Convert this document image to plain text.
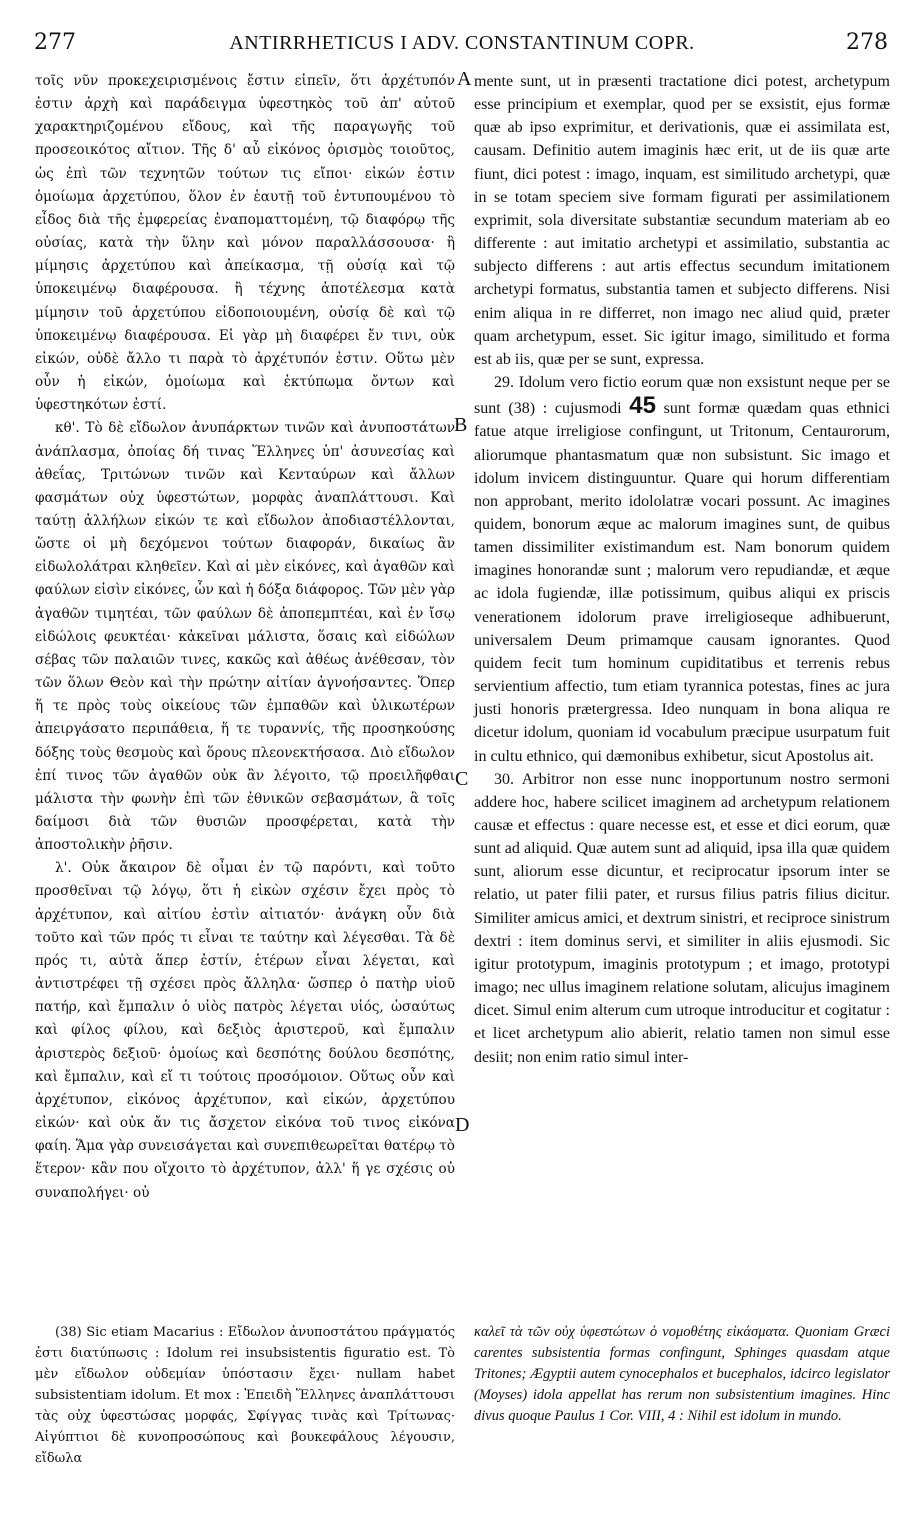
277	ANTIRRHETICUS I ADV. CONSTANTINUM COPR.	278

τοῖς νῦν προκεχειρισμένοις ἔστιν εἰπεῖν, ὅτι ἀρχέτυπόν ἐστιν ἀρχὴ καὶ παράδειγμα ὑφεστηκὸς τοῦ ἀπ' αὐτοῦ χαρακτηριζομένου εἴδους, καὶ τῆς παραγωγῆς τοῦ προσεοικότος αἴτιον. Τῆς δ' αὖ εἰκόνος ὁρισμὸς τοιοῦτος, ὡς ἐπὶ τῶν τεχνητῶν τούτων τις εἴποι· εἰκών ἐστιν ὁμοίωμα ἀρχετύπου, ὅλον ἐν ἑαυτῇ τοῦ ἐντυπουμένου τὸ εἶδος διὰ τῆς ἐμφερείας ἐναποματτομένη, τῷ διαφόρῳ τῆς οὐσίας, κατὰ τὴν ὕλην καὶ μόνον παραλλάσσουσα· ἢ μίμησις ἀρχετύπου καὶ ἀπείκασμα, τῇ οὐσίᾳ καὶ τῷ ὑποκειμένῳ διαφέρουσα. ἢ τέχνης ἀποτέλεσμα κατὰ μίμησιν τοῦ ἀρχετύπου εἰδοποιουμένη, οὐσίᾳ δὲ καὶ τῷ ὑποκειμένῳ διαφέρουσα. Εἰ γὰρ μὴ διαφέρει ἔν τινι, οὐκ εἰκών, οὐδὲ ἄλλο τι παρὰ τὸ ἀρχέτυπόν ἐστιν. Οὕτω μὲν οὖν ἡ εἰκών, ὁμοίωμα καὶ ἐκτύπωμα ὄντων καὶ ὑφεστηκότων ἐστί.

κθ'. Τὸ δὲ εἴδωλον ἀνυπάρκτων τινῶν καὶ ἀνυποστάτων ἀνάπλασμα, ὁποίας δή τινας Ἕλληνες ὑπ' ἀσυνεσίας καὶ ἀθεΐας, Τριτώνων τινῶν καὶ Κενταύρων καὶ ἄλλων φασμάτων οὐχ ὑφεστώτων, μορφὰς ἀναπλάττουσι. Καὶ ταύτῃ ἀλλήλων εἰκών τε καὶ εἴδωλον ἀποδιαστέλλονται, ὥστε οἱ μὴ δεχόμενοι τούτων διαφοράν, δικαίως ἂν εἰδωλολάτραι κληθεῖεν. Καὶ αἱ μὲν εἰκόνες, καὶ ἀγαθῶν καὶ φαύλων εἰσὶν εἰκόνες, ὧν καὶ ἡ δόξα διάφορος. Τῶν μὲν γὰρ ἀγαθῶν τιμητέαι, τῶν φαύλων δὲ ἀποπεμπτέαι, καὶ ἐν ἴσῳ εἰδώλοις φευκτέαι· κἀκεῖναι μάλιστα, ὅσαις καὶ εἰδώλων σέβας τῶν παλαιῶν τινες, κακῶς καὶ ἀθέως ἀνέθεσαν, τὸν τῶν ὅλων Θεὸν καὶ τὴν πρώτην αἰτίαν ἀγνοήσαντες. Ὅπερ ἥ τε πρὸς τοὺς οἰκείους τῶν ἐμπαθῶν καὶ ὑλικωτέρων ἀπειργάσατο περιπάθεια, ἥ τε τυραννίς, τῆς προσηκούσης δόξης τοὺς θεσμοὺς καὶ ὅρους πλεονεκτήσασα. Διὸ εἴδωλον ἐπί τινος τῶν ἀγαθῶν οὐκ ἂν λέγοιτο, τῷ προειλῆφθαι μάλιστα τὴν φωνὴν ἐπὶ τῶν ἐθνικῶν σεβασμάτων, ἃ τοῖς δαίμοσι διὰ τῶν θυσιῶν προσφέρεται, κατὰ τὴν ἀποστολικὴν ῥῆσιν.

λ'. Οὐκ ἄκαιρον δὲ οἶμαι ἐν τῷ παρόντι, καὶ τοῦτο προσθεῖναι τῷ λόγῳ, ὅτι ἡ εἰκὼν σχέσιν ἔχει πρὸς τὸ ἀρχέτυπον, καὶ αἰτίου ἐστὶν αἰτιατόν· ἀνάγκη οὖν διὰ τοῦτο καὶ τῶν πρός τι εἶναι τε ταύτην καὶ λέγεσθαι. Τὰ δὲ πρός τι, αὐτὰ ἅπερ ἐστίν, ἑτέρων εἶναι λέγεται, καὶ ἀντιστρέφει τῇ σχέσει πρὸς ἄλληλα· ὥσπερ ὁ πατὴρ υἱοῦ πατήρ, καὶ ἔμπαλιν ὁ υἱὸς πατρὸς λέγεται υἱός, ὡσαύτως καὶ φίλος φίλου, καὶ δεξιὸς ἀριστεροῦ, καὶ ἔμπαλιν ἀριστερὸς δεξιοῦ· ὁμοίως καὶ δεσπότης δούλου δεσπότης, καὶ ἔμπαλιν, καὶ εἴ τι τούτοις προσόμοιον. Οὕτως οὖν καὶ ἀρχέτυπον, εἰκόνος ἀρχέτυπον, καὶ εἰκών, ἀρχετύπου εἰκών· καὶ οὐκ ἄν τις ἄσχετον εἰκόνα τοῦ τινος εἰκόνα φαίη. Ἅμα γὰρ συνεισάγεται καὶ συνεπιθεωρεῖται θατέρῳ τὸ ἕτερον· κἂν που οἴχοιτο τὸ ἀρχέτυπον, ἀλλ' ἥ γε σχέσις οὐ συναπολήγει· οὐ

A
B
C
D

mente sunt, ut in præsenti tractatione dici potest, archetypum esse principium et exemplar, quod per se exsistit, ejus formæ quæ ab ipso exprimitur, et derivationis, quæ ei assimilata est, causam. Definitio autem imaginis hæc erit, ut de iis quæ arte fiunt, dici potest : imago, inquam, est similitudo archetypi, quæ in se totam speciem sive formam figurati per assimilationem exprimit, sola diversitate substantiæ secundum materiam ab eo differente : aut imitatio archetypi et assimilatio, substantia ac subjecto differens : aut artis effectus secundum imitationem archetypi formatus, substantia tamen et subjecto differens. Nisi enim aliqua in re differret, non imago nec aliud quid, præter quam archetypum, esset. Sic igitur imago, similitudo et forma est ab iis, quæ per se sunt, expressa.

29. Idolum vero fictio eorum quæ non exsistunt neque per se sunt (38) : cujusmodi 45 sunt formæ quædam quas ethnici fatue atque irreligiose confingunt, ut Tritonum, Centaurorum, aliorumque phantasmatum quæ non subsistunt. Sic imago et idolum invicem distinguuntur. Quare qui horum differentiam non approbant, merito idololatræ vocari possunt. Ac imagines quidem, bonorum æque ac malorum imagines sunt, de quibus tamen dissimiliter existimandum est. Nam bonorum quidem imagines honorandæ sunt ; malorum vero repudiandæ, et æque ac idola fugiendæ, illæ potissimum, quibus aliqui ex priscis venerationem idolorum prave irreligioseque adhibuerunt, universalem Deum primamque causam ignorantes. Quod quidem fecit tum hominum cupiditatibus et terrenis rebus servientium affectio, tum etiam tyrannica potestas, fines ac jura justi honoris prætergressa. Ideo nunquam in bona aliqua re dicetur idolum, quoniam id vocabulum præcipue usurpatum fuit in cultu ethnico, qui dæmonibus exhibetur, sicut Apostolus ait.

30. Arbitror non esse nunc inopportunum nostro sermoni addere hoc, habere scilicet imaginem ad archetypum relationem causæ et effectus : quare necesse est, et esse et dici eorum, quæ sunt ad aliquid. Quæ autem sunt ad aliquid, ipsa illa quæ quidem sunt, aliorum esse dicuntur, et reciprocatur ipsorum inter se relatio, ut pater filii pater, et rursus filius patris filius dicitur. Similiter amicus amici, et dextrum sinistri, et reciproce sinistrum dextri : item dominus servi, et similiter in aliis ejusmodi. Sic igitur prototypum, imaginis prototypum ; et imago, prototypi imago; nec ullus imaginem relatione solutam, alicujus imaginem dicet. Simul enim alterum cum utroque introducitur et cogitatur : et licet archetypum alio abierit, relatio tamen non simul esse desiit; non enim ratio simul inter-

(38) Sic etiam Macarius : Εἴδωλον ἀνυποστάτου πράγματός ἐστι διατύπωσις : Idolum rei insubsistentis figuratio est. Τὸ μὲν εἴδωλον οὐδεμίαν ὑπόστασιν ἔχει· nullam habet subsistentiam idolum. Et mox : Ἐπειδὴ Ἕλληνες ἀναπλάττουσι τὰς οὐχ ὑφεστώσας μορφάς, Σφίγγας τινὰς καὶ Τρίτωνας· Αἰγύπτιοι δὲ κυνοπροσώπους καὶ βουκεφάλους λέγουσιν, εἴδωλα

καλεῖ τὰ τῶν οὐχ ὑφεστώτων ὁ νομοθέτης εἰκάσματα. Quoniam Græci carentes subsistentia formas confingunt, Sphinges quasdam atque Tritones; Ægyptii autem cynocephalos et bucephalos, idcirco legislator (Moyses) idola appellat has rerum non subsistentium imagines. Hinc divus quoque Paulus 1 Cor. VIII, 4 : Nihil est idolum in mundo.
